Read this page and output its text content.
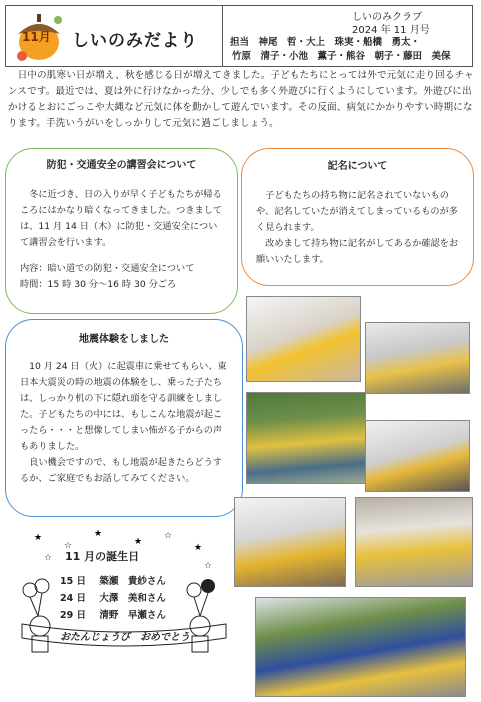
11月 しいのみだより
しいのみクラブ
2024 年 11 月号
担当　 神尾　哲・大上　珠実・船橋　勇太・
竹原　清子・小池　薫子・熊谷　朝子・藤田　美保
　日中の肌寒い日が増え、秋を感じる日が増えてきました。子どもたちにとっては外で元気に走り回るチャンスです。最近では、夏は外に行けなかった分、少しでも多く外遊びに行くようにしています。外遊びに出かけるとおにごっこや大縄など元気に体を動かして遊んでいます。その反面、病気にかかりやすい時期になります。手洗いうがいをしっかりして元気に過ごしましょう。
防犯・交通安全の講習会について

　冬に近づき、日の入りが早く子どもたちが帰るころにはかなり暗くなってきました。つきましては、11 月 14 日（木）に防犯・交通安全について講習会を行います。

内容：暗い道での防犯・交通安全について

時間：15 時 30 分～16 時 30 分ごろ

記名について

　子どもたちの持ち物に記名されていないものや、記名していたが消えてしまっているものが多く見られます。

　改めまして持ち物に記名がしてあるか確認をお願いいたします。

地震体験をしました

　10 月 24 日（火）に起震車に乗せてもらい、東日本大震災の時の地震の体験をし、乗った子たちは、しっかり机の下に隠れ頭を守る訓練をしました。子どもたちの中には、もしこんな地震が起こったら・・・と想像してしまい怖がる子からの声もありました。

　良い機会ですので、もし地震が起きたらどうするか、ご家庭でもお話してみてください。

★
☆
★
★
☆
★
☆
☆
11 月の誕生日
15 日 築瀬　貴紗さん
24 日 大澤　美和さん
29 日 清野　早瀬さん
おたんじょうび　おめでとう
